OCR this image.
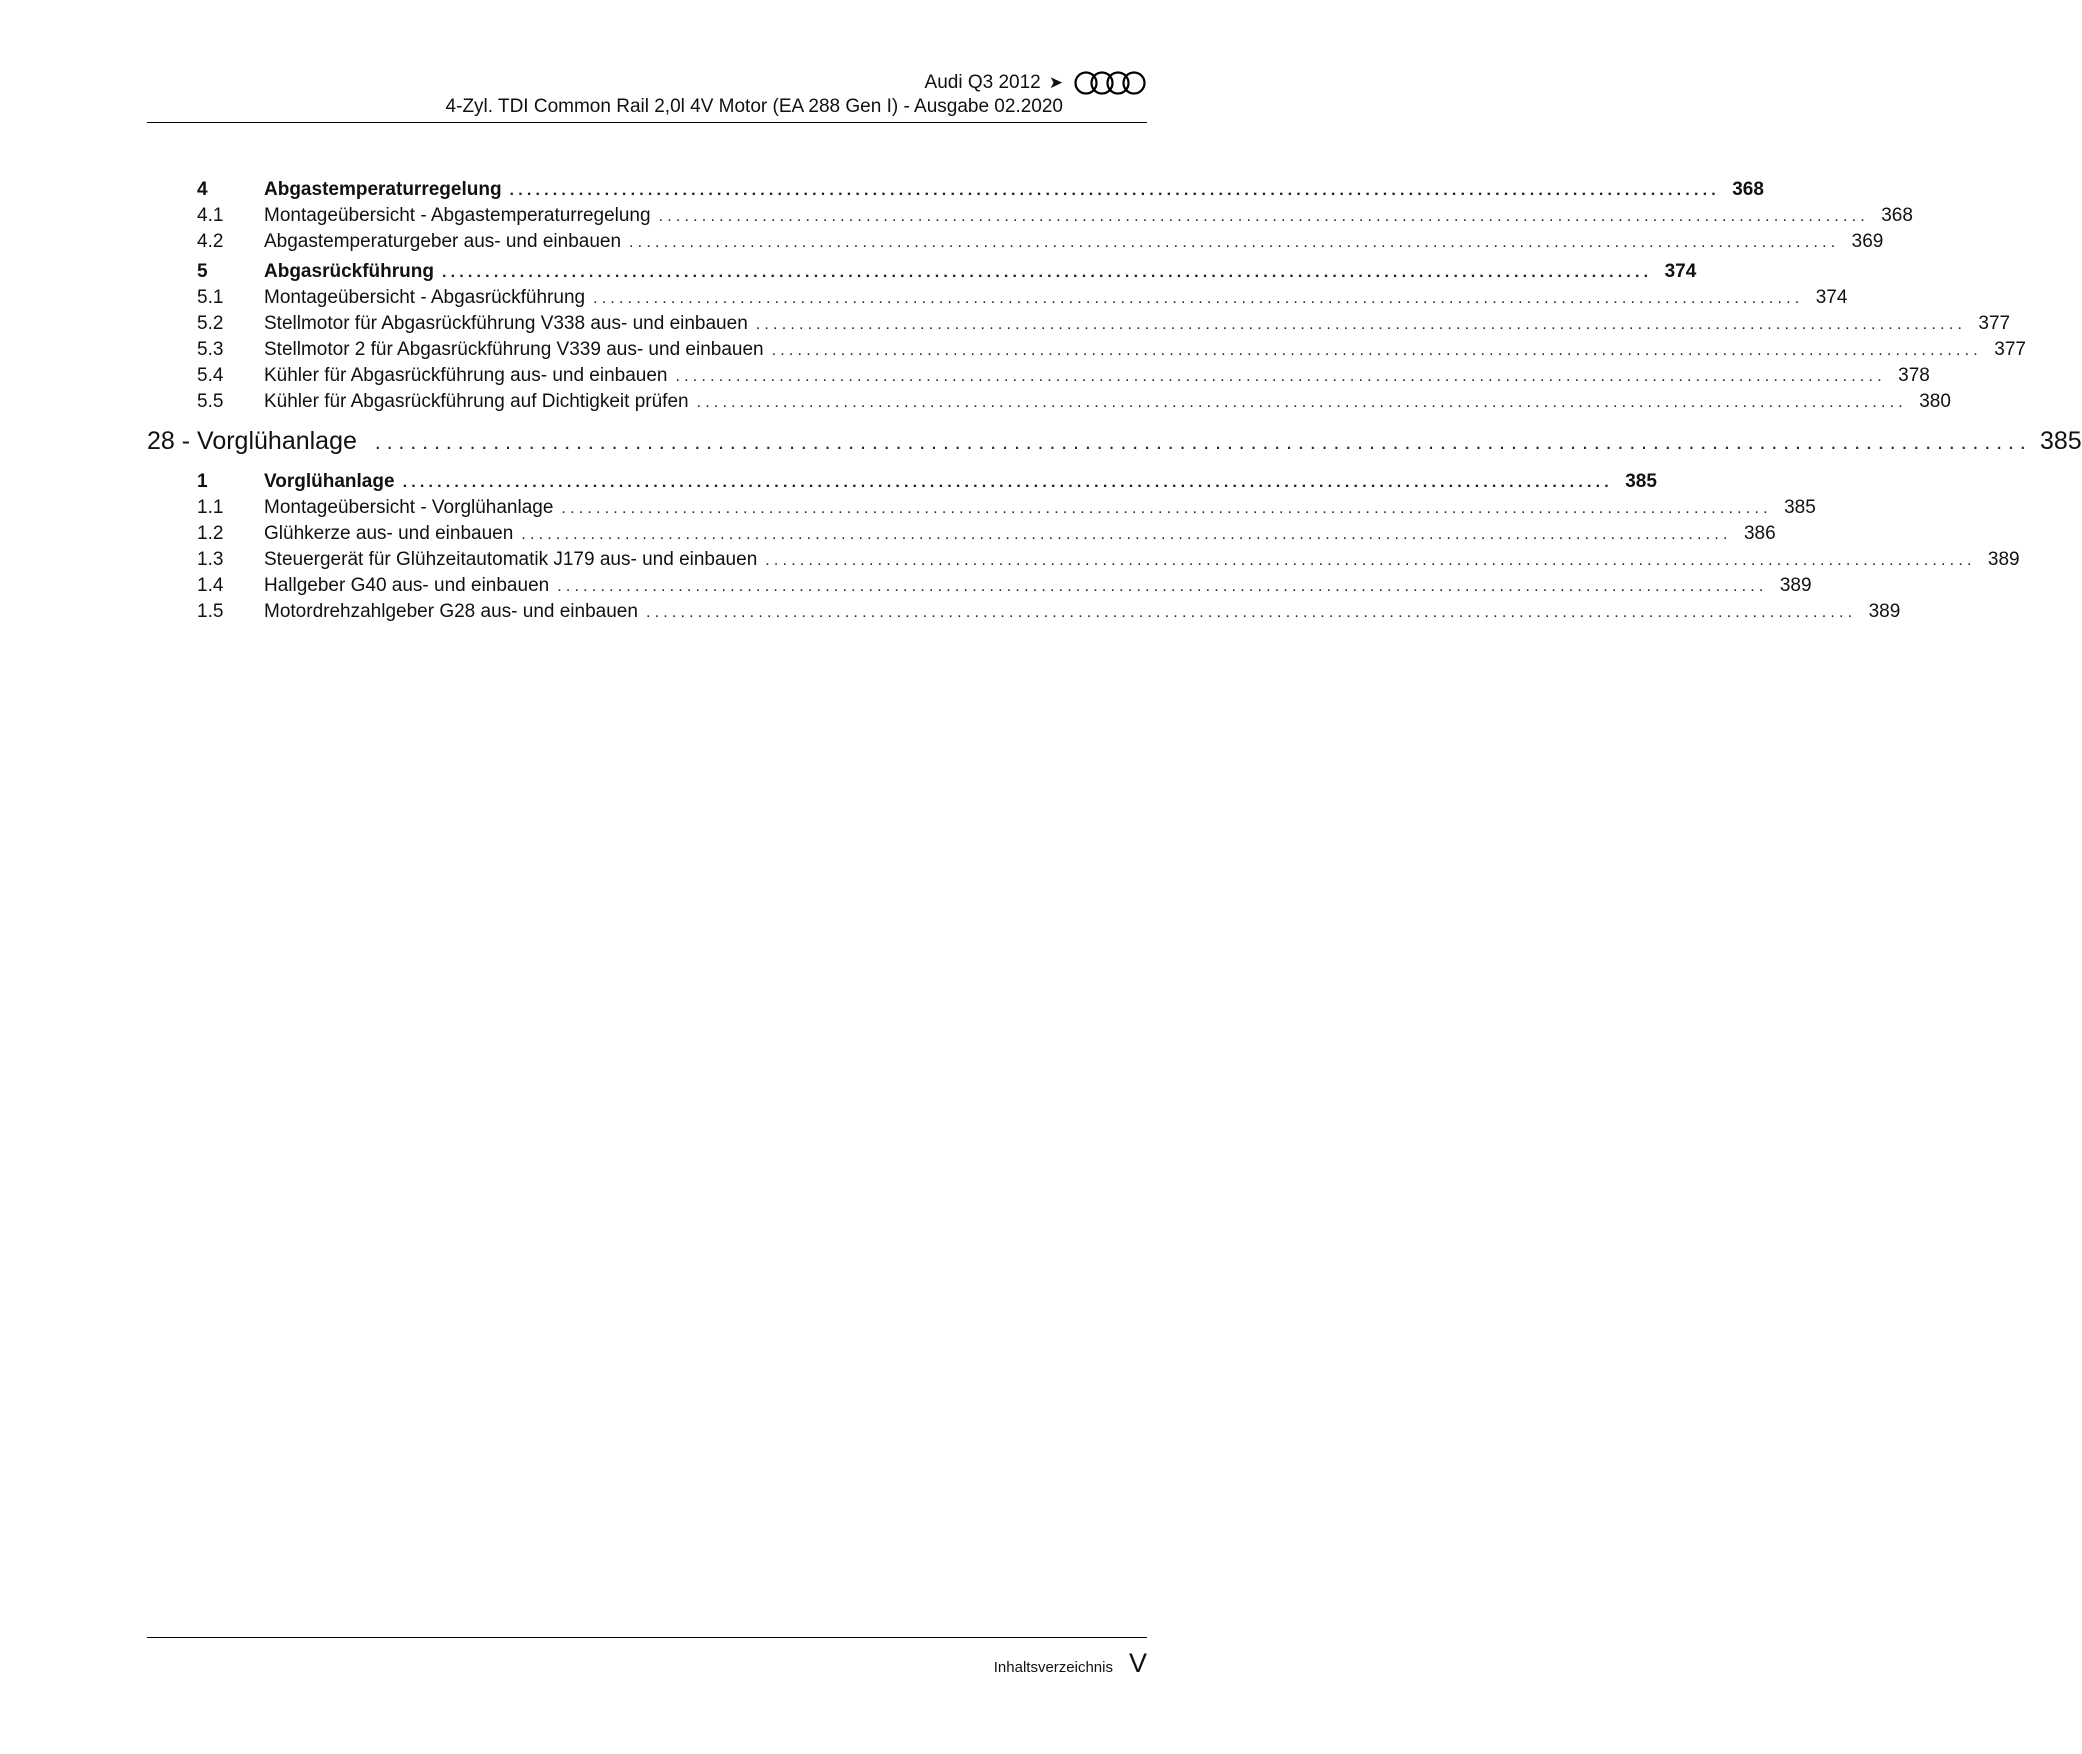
Audi Q3 2012 ➤
4-Zyl. TDI Common Rail 2,0l 4V Motor (EA 288 Gen I) - Ausgabe 02.2020
4	Abgastemperaturregelung ............................................................................................................................................ 368
4.1	Montageübersicht - Abgastemperaturregelung ............................................................................................................................................ 368
4.2	Abgastemperaturgeber aus- und einbauen ............................................................................................................................................ 369
5	Abgasrückführung ............................................................................................................................................ 374
5.1	Montageübersicht - Abgasrückführung ............................................................................................................................................ 374
5.2	Stellmotor für Abgasrückführung V338 aus- und einbauen ............................................................................................................................................ 377
5.3	Stellmotor 2 für Abgasrückführung V339 aus- und einbauen ............................................................................................................................................ 377
5.4	Kühler für Abgasrückführung aus- und einbauen ............................................................................................................................................ 378
5.5	Kühler für Abgasrückführung auf Dichtigkeit prüfen ............................................................................................................................................ 380
28 - Vorglühanlage ............................................................................................................................................ 385
1	Vorglühanlage ............................................................................................................................................ 385
1.1	Montageübersicht - Vorglühanlage ............................................................................................................................................ 385
1.2	Glühkerze aus- und einbauen ............................................................................................................................................ 386
1.3	Steuergerät für Glühzeitautomatik J179 aus- und einbauen ............................................................................................................................................ 389
1.4	Hallgeber G40 aus- und einbauen ............................................................................................................................................ 389
1.5	Motordrehzahlgeber G28 aus- und einbauen ............................................................................................................................................ 389
Inhaltsverzeichnis V
